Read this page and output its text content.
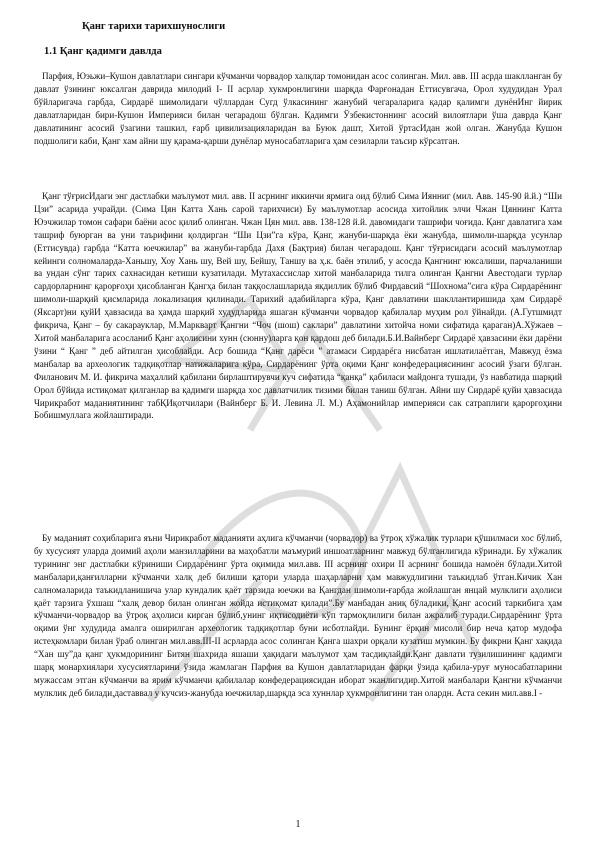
Қанг тарихи тарихшунослиги
1.1 Қанг қадимги давлда

Парфия, Юэьжи–Кушон давлатлари сингари кўчманчи чорвадор халқлар томонидан асос солинган. Мил. авв. III асрда шаклланган бу давлат ўзининг юксалган даврида милодий I- II асрлар хукмронлигини шарқда Фарғонадан Еттисувгача, Орол худудидан Урал бўйларигача гарбда, Сирдарё шимолидаги чўллардан Сугд ўлкасининг жанубий чегараларига қадар қалимги дунёнИнг йирик давлатларидан бири-Кушон Империяси билан чегарадош бўлган. Қадимги Ўзбекистоннинг асосий вилоятлари ўша даврда Қанг давлатининг асосий ўзагини ташкил, ғарб цивилизацияларидан ва Буюк дашт, Хитой ўртасИдан жой олган. Жанубда Кушон подшолиги каби, Қанг хам айни шу қарама-қарши дунёлар муносабатларига ҳам сезиларли таъсир кўрсатган.

Қанг тўғрисИдаги энг дастлабки маълумот мил. авв. II асрнинг иккинчи ярмига оид бўлиб Сима Иянниг (мил. Авв. 145-90 й.й.) “Ши Цзи” асарида учрайди. (Сима Цян Катта Хань сарой тарихчиси) Бу маълумотлар асосида хитойлик элчи Чжан Цяннинг Катта Юэчжилар томон сафари баёни асос қилиб олинган. Чжан Цян мил. авв. 138-128 й.й. давомидаги ташрифи чоғида. Қанг давлатига хам ташриф буюрган ва уни таърифини қолдирган “Ши Цзи”га кўра, Қанг, жануби-шарқда ёки жанубда, шимоли-шарқда усунлар (Еттисувда) гарбда “Катта юечжилар” ва жануби-гарбда Дахя (Бақтрия) билан чегарадош. Қанг тўғрисидаги асосий маълумотлар кейинги солномаларда-Ханьшу, Хоу Хань шу, Вей шу, Бейшу, Таншу ва ҳ.к. баён этилиб, у асосда Қангнинг юксалиши, парчаланиши ва ундан сўнг тарих сахнасидан кетиши кузатилади. Мутахассислар хитой манбаларида тилга олинган Қангни Авестодаги турлар сардорларнинг қарорғоҳи ҳисобланган Қангҳа билан таққослашларида якдиллик бўлиб Фирдавсий “Шохнома”сига кўра Сирдарёнинг шимоли-шарқий қисмларида локализация қилинади. Тарихий адабийларга кўра, Қанг давлатини шакллантиришида ҳам Сирдарё (Яксарт)ни қуйИ ҳавзасида ва ҳамда шарқий худудларида яшаган кўчманчи чорвадор қабилалар муҳим рол ўйнайди. (А.Гутшмидт фикрича, Қанг – бу сакарауклар, М.Маркварт Қангни “Чоч (шош) саклари” давлатини хитойча номи сифатида қараган)А.Хўжаев – Хитой манбаларига асосланиб Қанг аҳолисини хунн (сюнну)ларга қон қардош деб билади.Б.И.Вайнберг Сирдарё ҳавзасини ёки дарёни ўзини “ Қанг ” деб айтилган ҳисоблайди. Аср бошида “Қанг дарёси ” атамаси Сирдарёга нисбатан ишлатилаётган, Мавжуд ёзма манбалар ва археологик тадқиқотлар натижаларига кўра, Сирдарёнинг ўрта оқими Қанг конфедерациясининг асосий ўзаги бўлган. Филанович М. И. фикрича маҳаллий қабилани бирлаштирувчи куч сифатида “қанқа” қабиласи майдонга тушади, ўз навбатида шарқий Орол бўйида истиқомат қилганлар ва қадимги шарқда хос давлатчилик тизими билан таниш бўлган. Айни шу Сирдарё қуйи ҳавзасида Чирикработ маданиятининг табҚИқотчилари (Вайнберг Б. И. Левина Л. М.) Аҳамонийлар империяси сак сатраплиги қароргоҳини Бобишмуллага жойлаштиради.

Бу маданият соҳибларига яъни Чирикработ маданияти аҳлига кўчманчи (чорвадор) ва ўтроқ хўжалик турлари қўшилмаси хос бўлиб, бу хусусият уларда доимий аҳоли манзилларини ва маҳобатли маъмурий иншоатларнинг мавжуд бўлганлигида кўринади. Бу хўжалик турининг энг дастлабки кўриниши Сирдарёнинг ўрта оқимида мил.авв. III асрнинг охири II асрнинг бошида намоён бўлади.Хитой манбалари,қанғилларни кўчманчи халқ деб билиши қатори уларда шаҳарларни ҳам мавжудлигини таъкидлаб ўтган.Кичик Хан салномаларида таъкидланишича улар кундалик қаёт тарзида юечжи ва Қангдан шимоли-ғарбда жойлашган янцай мулклиги аҳолиси қаёт тарзига ўхшаш “халқ девор билан олинган жойда истиқомат қилади”.Бу манбадан аниқ бўладики, Қанг асосий таркибига ҳам кўчманчи-чорвадор ва ўтроқ аҳолиси кирган бўлиб,унинг иқтисодиёти кўп тармоқлилиги билан ажралиб туради.Сирдарёнинг ўрта оқими ўнг худудида амалга оширилган археологик тадқиқотлар буни исботлайди. Бунинг ёрқин мисоли бир неча қатор мудофа истеҳкомлари билан ўраб олинган мил.авв.III-II асрларда асос солинган Қанга шахри орқали кузатиш мумкин. Бу фикрни Қанг хақида “Хан шу”да қанг ҳукмдорининг Битян шахрида яшаши ҳақидаги маълумот ҳам тасдиқлайди.Қанг давлати тузилишининг қадимги шарқ монархиялари хусусиятларини ўзида жамлаган Парфия ва Кушон давлатларидан фарқи ўзида қабила-уруғ муносабатларини мужассам этган кўчманчи ва ярим кўчманчи қабилалар конфедерациясидан иборат эканлигидир.Хитой манбалари Қангни кўчманчи мулклик деб билади,даставвал у кучсиз-жанубда юечжилар,шарқда эса хуннлар ҳукмронлигини тан олардн. Аста секин мил.авв.I -

1
